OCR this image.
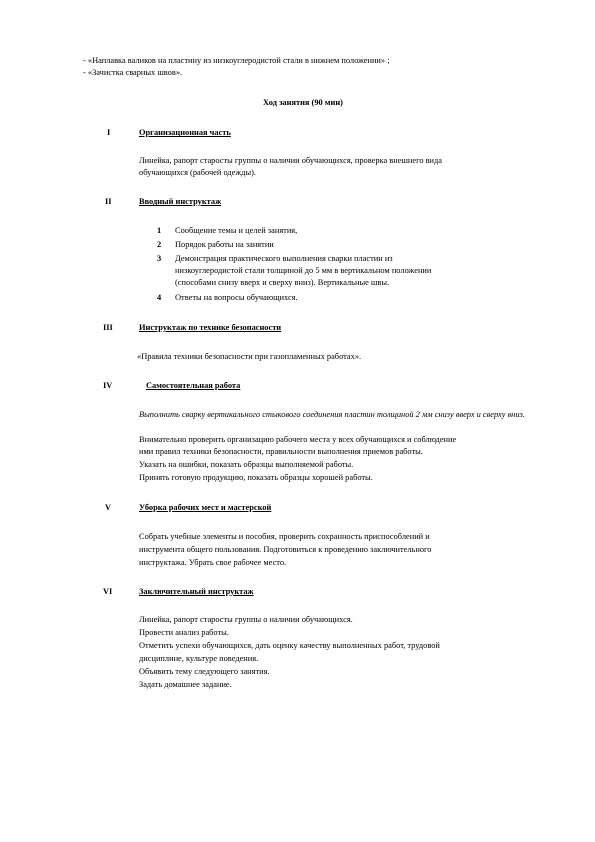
- «Наплавка валиков на пластину из низкоуглеродистой стали в нижнем положении» ;
- «Зачистка сварных швов».
Ход занятия (90 мин)
I	Организационная часть
Линейка, рапорт старосты группы о наличии обучающихся, проверка внешнего вида
обучающихся (рабочей одежды).
II	Вводный инструктаж
1 Сообщение темы и целей занятия,
2 Порядок работы на занятии
3 Демонстрация практического выполнения сварки пластин из
низкоуглеродистой стали толщиной до 5 мм в вертикальном положении
(способами снизу вверх и сверху вниз). Вертикальные швы.
4 Ответы на вопросы обучающихся.
III	Инструктаж по технике безопасности
«Правила техники безопасности при газопламенных работах».
IV	Самостоятельная работа
Выполнить сварку вертикального стыкового соединения пластин толщиной 2 мм снизу вверх и сверху вниз.
Внимательно проверить организацию рабочего места у всех обучающихся и соблюдение
ими правил техники безопасности, правильности выполнения приемов работы.
Указать на ошибки, показать образцы выполняемой работы.
Принять готовую продукцию, показать образцы хорошей работы.
V	Уборка рабочих мест и мастерской
Собрать учебные элементы и пособия, проверить сохранность приспособлений и
инструмента общего пользования. Подготовиться к проведению заключительного
инструктажа. Убрать свое рабочее место.
VI	Заключительный инструктаж
Линейка, рапорт старосты группы о наличии обучающихся.
Провести анализ работы.
Отметить успехи обучающихся, дать оценку качеству выполненных работ, трудовой
дисциплине, культуре поведения.
Объявить тему следующего занятия.
Задать домашнее задание.
